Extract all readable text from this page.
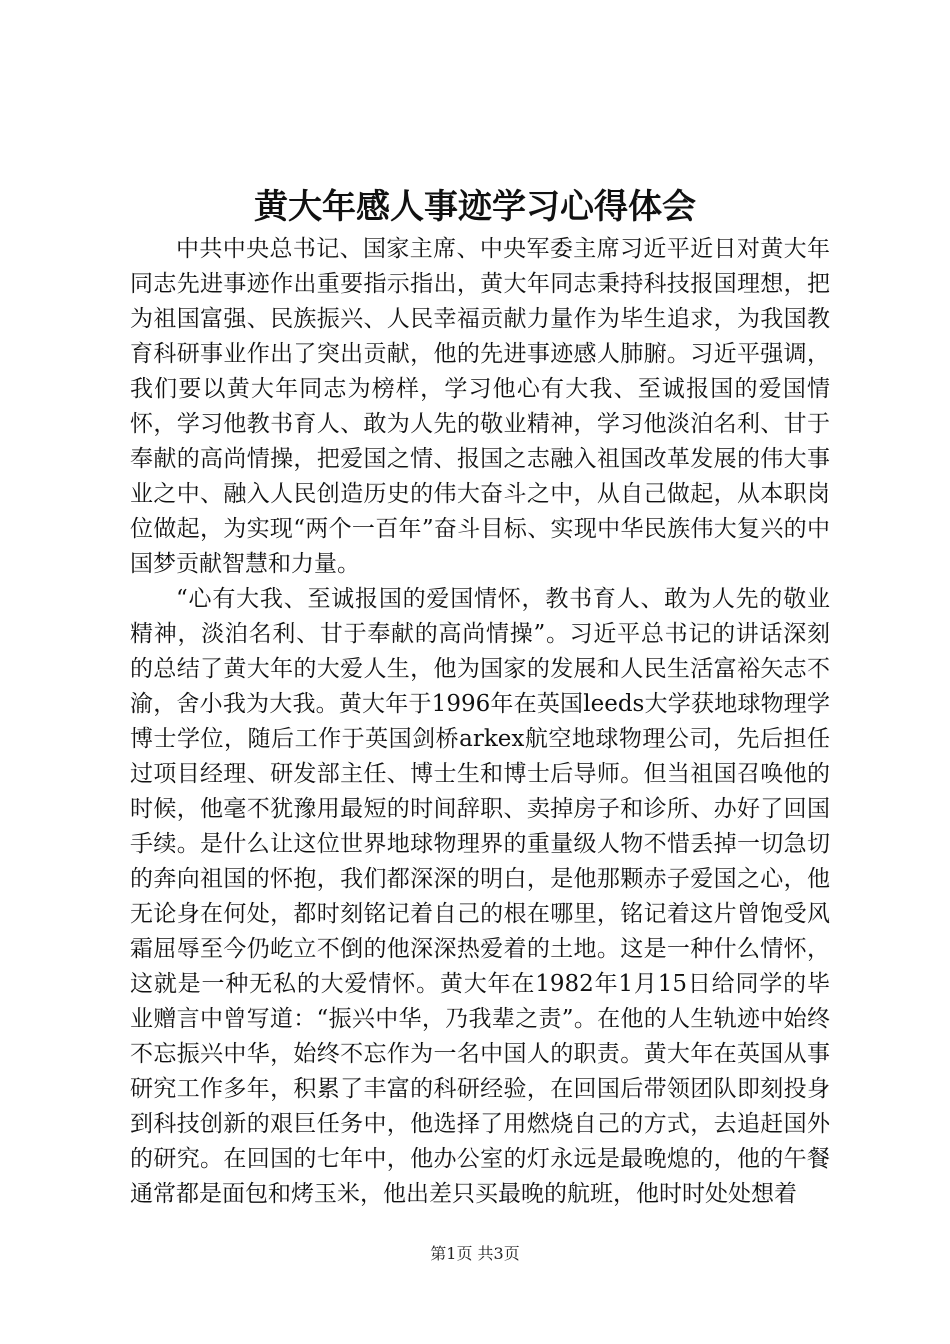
黄大年感人事迹学习心得体会

中共中央总书记、国家主席、中央军委主席习近平近日对黄大年同志先进事迹作出重要指示指出，黄大年同志秉持科技报国理想，把为祖国富强、民族振兴、人民幸福贡献力量作为毕生追求，为我国教育科研事业作出了突出贡献，他的先进事迹感人肺腑。习近平强调，我们要以黄大年同志为榜样，学习他心有大我、至诚报国的爱国情怀，学习他教书育人、敢为人先的敬业精神，学习他淡泊名利、甘于奉献的高尚情操，把爱国之情、报国之志融入祖国改革发展的伟大事业之中、融入人民创造历史的伟大奋斗之中，从自己做起，从本职岗位做起，为实现“两个一百年”奋斗目标、实现中华民族伟大复兴的中国梦贡献智慧和力量。

“心有大我、至诚报国的爱国情怀，教书育人、敢为人先的敬业精神，淡泊名利、甘于奉献的高尚情操”。习近平总书记的讲话深刻的总结了黄大年的大爱人生，他为国家的发展和人民生活富裕矢志不渝，舍小我为大我。黄大年于1996年在英国leeds大学获地球物理学博士学位，随后工作于英国剑桥arkex航空地球物理公司，先后担任过项目经理、研发部主任、博士生和博士后导师。但当祖国召唤他的时候，他毫不犹豫用最短的时间辞职、卖掉房子和诊所、办好了回国手续。是什么让这位世界地球物理界的重量级人物不惜丢掉一切急切的奔向祖国的怀抱，我们都深深的明白，是他那颗赤子爱国之心，他无论身在何处，都时刻铭记着自己的根在哪里，铭记着这片曾饱受风霜屈辱至今仍屹立不倒的他深深热爱着的土地。这是一种什么情怀，这就是一种无私的大爱情怀。黄大年在1982年1月15日给同学的毕业赠言中曾写道：“振兴中华，乃我辈之责”。在他的人生轨迹中始终不忘振兴中华，始终不忘作为一名中国人的职责。黄大年在英国从事研究工作多年，积累了丰富的科研经验，在回国后带领团队即刻投身到科技创新的艰巨任务中，他选择了用燃烧自己的方式，去追赶国外的研究。在回国的七年中，他办公室的灯永远是最晚熄的，他的午餐通常都是面包和烤玉米，他出差只买最晚的航班，他时时处处想着

第1页 共3页
